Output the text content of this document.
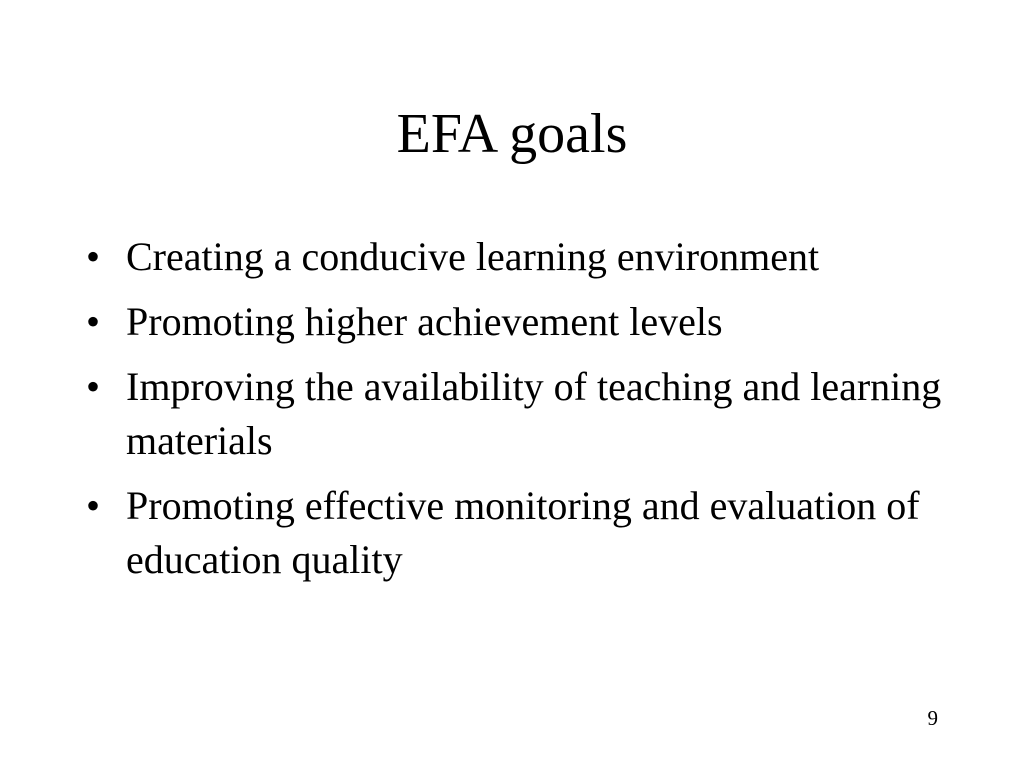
EFA goals
• Creating a conducive learning environment
• Promoting higher achievement levels
• Improving the availability of teaching and learning materials
• Promoting effective monitoring and evaluation of education quality
9
